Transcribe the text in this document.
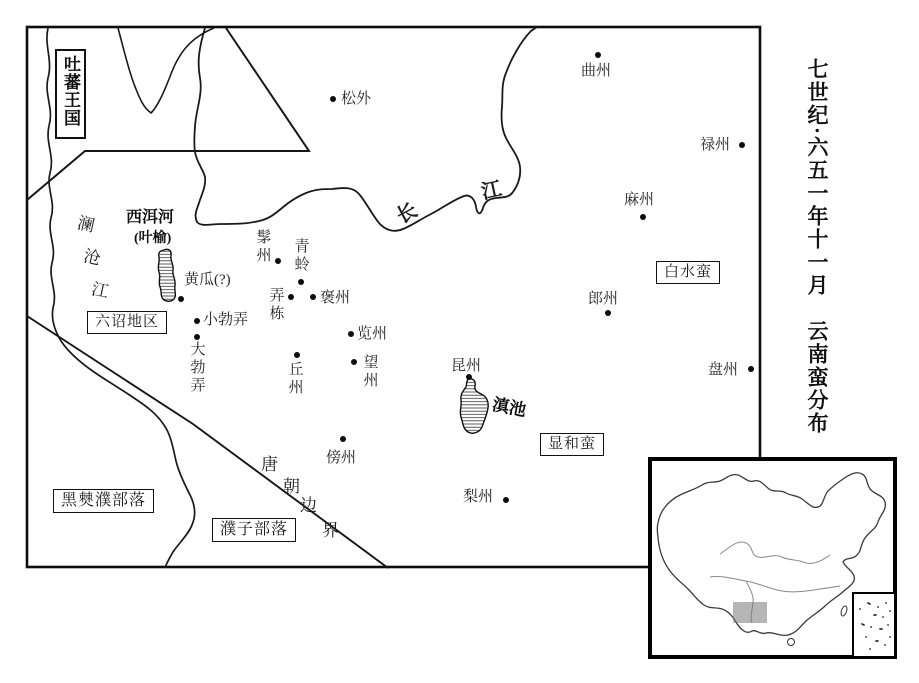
七世纪·六五一年十一月　云南蛮分布
吐蕃王国
六诏地区
白水蛮
显和蛮
黑僰濮部落
濮子部落
西洱河
(叶榆)
滇池
澜
沧
江
长
江
唐
朝
边
界
曲州
禄州
麻州
郎州
盘州
昆州
梨州
松外
髳州 青蛉
弄栋 褒州
览州
望州
丘州
傍州
小勃弄
大勃弄
黄瓜(?)
